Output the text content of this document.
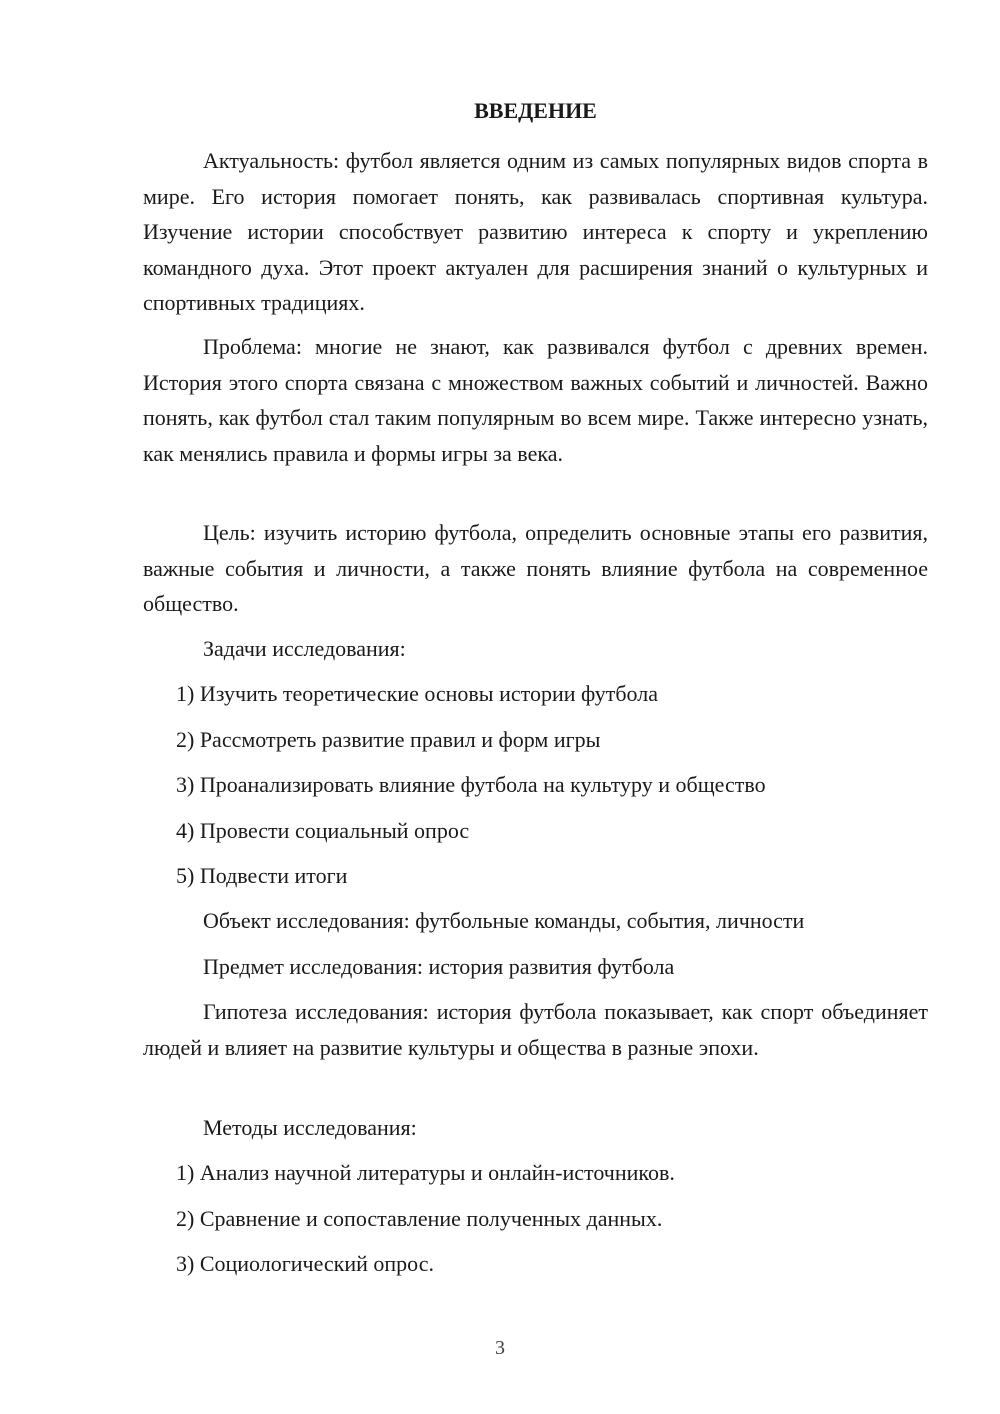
ВВЕДЕНИЕ

Актуальность: футбол является одним из самых популярных видов спорта в мире. Его история помогает понять, как развивалась спортивная культура. Изучение истории способствует развитию интереса к спорту и укреплению командного духа. Этот проект актуален для расширения знаний о культурных и спортивных традициях.

Проблема: многие не знают, как развивался футбол с древних времен. История этого спорта связана с множеством важных событий и личностей. Важно понять, как футбол стал таким популярным во всем мире. Также интересно узнать, как менялись правила и формы игры за века.

Цель: изучить историю футбола, определить основные этапы его развития, важные события и личности, а также понять влияние футбола на современное общество.

Задачи исследования:

1) Изучить теоретические основы истории футбола

2) Рассмотреть развитие правил и форм игры

3) Проанализировать влияние футбола на культуру и общество

4) Провести социальный опрос

5) Подвести итоги

Объект исследования: футбольные команды, события, личности

Предмет исследования: история развития футбола

Гипотеза исследования: история футбола показывает, как спорт объединяет людей и влияет на развитие культуры и общества в разные эпохи.

Методы исследования:

1) Анализ научной литературы и онлайн-источников.

2) Сравнение и сопоставление полученных данных.

3) Социологический опрос.

3
